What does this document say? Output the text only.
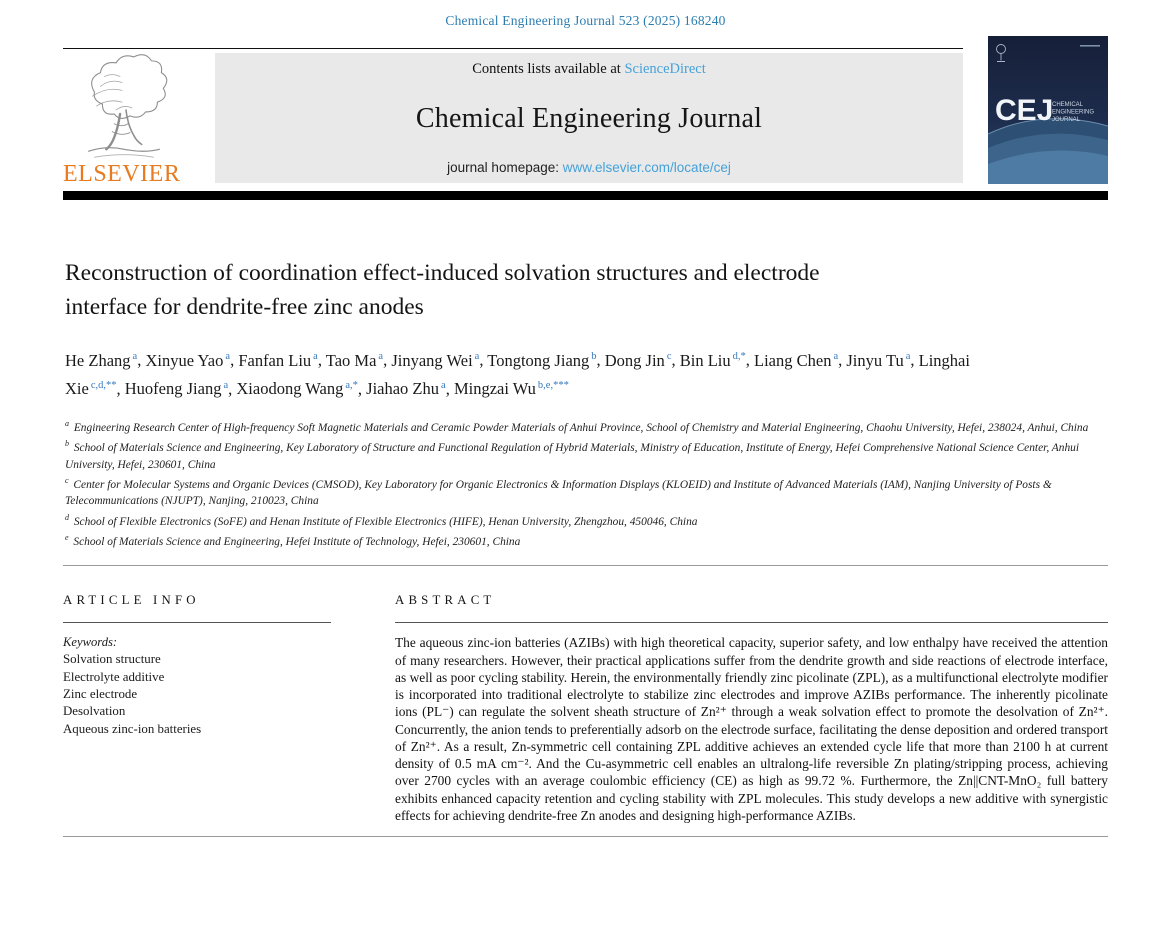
Chemical Engineering Journal 523 (2025) 168240
ELSEVIER
Contents lists available at ScienceDirect
Chemical Engineering Journal
journal homepage: www.elsevier.com/locate/cej
CEJ
CHEMICAL
ENGINEERING
JOURNAL
Reconstruction of coordination effect-induced solvation structures and electrode interface for dendrite-free zinc anodes
He Zhang $^a$, Xinyue Yao $^a$, Fanfan Liu $^a$, Tao Ma $^a$, Jinyang Wei $^a$, Tongtong Jiang $^b$, Dong Jin $^c$, Bin Liu $^{d,*}$, Liang Chen $^a$, Jinyu Tu $^a$, Linghai Xie $^{c,d,**}$, Huofeng Jiang $^a$, Xiaodong Wang $^{a,*}$, Jiahao Zhu $^a$, Mingzai Wu $^{b,e,***}$
$^a$ Engineering Research Center of High-frequency Soft Magnetic Materials and Ceramic Powder Materials of Anhui Province, School of Chemistry and Material Engineering, Chaohu University, Hefei, 238024, Anhui, China
$^b$ School of Materials Science and Engineering, Key Laboratory of Structure and Functional Regulation of Hybrid Materials, Ministry of Education, Institute of Energy, Hefei Comprehensive National Science Center, Anhui University, Hefei, 230601, China
$^c$ Center for Molecular Systems and Organic Devices (CMSOD), Key Laboratory for Organic Electronics & Information Displays (KLOEID) and Institute of Advanced Materials (IAM), Nanjing University of Posts & Telecommunications (NJUPT), Nanjing, 210023, China
$^d$ School of Flexible Electronics (SoFE) and Henan Institute of Flexible Electronics (HIFE), Henan University, Zhengzhou, 450046, China
$^e$ School of Materials Science and Engineering, Hefei Institute of Technology, Hefei, 230601, China
ARTICLE INFO
Keywords:
Solvation structure
Electrolyte additive
Zinc electrode
Desolvation
Aqueous zinc-ion batteries
ABSTRACT

The aqueous zinc-ion batteries (AZIBs) with high theoretical capacity, superior safety, and low enthalpy have received the attention of many researchers. However, their practical applications suffer from the dendrite growth and side reactions of electrode interface, as well as poor cycling stability. Herein, the environmentally friendly zinc picolinate (ZPL), as a multifunctional electrolyte modifier is incorporated into traditional electrolyte to stabilize zinc electrodes and improve AZIBs performance. The inherently picolinate ions (PL⁻) can regulate the solvent sheath structure of Zn²⁺ through a weak solvation effect to promote the desolvation of Zn²⁺. Concurrently, the anion tends to preferentially adsorb on the electrode surface, facilitating the dense deposition and ordered transport of Zn²⁺. As a result, Zn-symmetric cell containing ZPL additive achieves an extended cycle life that more than 2100 h at current density of 0.5 mA cm⁻². And the Cu-asymmetric cell enables an ultralong-life reversible Zn plating/stripping process, achieving over 2700 cycles with an average coulombic efficiency (CE) as high as 99.72 %. Furthermore, the Zn||CNT-MnO₂ full battery exhibits enhanced capacity retention and cycling stability with ZPL molecules. This study develops a new additive with synergistic effects for achieving dendrite-free Zn anodes and designing high-performance AZIBs.
